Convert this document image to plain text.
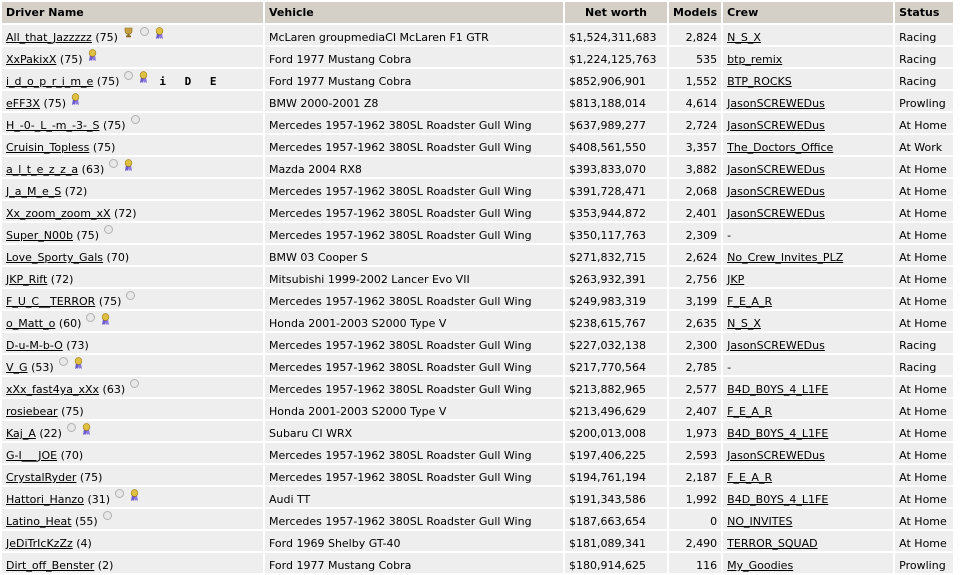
Driver Name	Vehicle	Net worth	Models	Crew	Status
All_that_Jazzzzz (75)	McLaren groupmediaCI McLaren F1 GTR	$1,524,311,683	2,824	N_S_X	Racing
XxPakixX (75)	Ford 1977 Mustang Cobra	$1,224,125,763	535	btp_remix	Racing
i_d_o_p_r_i_m_e (75) i D E	Ford 1977 Mustang Cobra	$852,906,901	1,552	BTP_ROCKS	Racing
eFF3X (75)	BMW 2000-2001 Z8	$813,188,014	4,614	JasonSCREWEDus	Prowling
H_-0-_L_-m_-3-_S (75)	Mercedes 1957-1962 380SL Roadster Gull Wing	$637,989,277	2,724	JasonSCREWEDus	At Home
Cruisin_Topless (75)	Mercedes 1957-1962 380SL Roadster Gull Wing	$408,561,550	3,357	The_Doctors_Office	At Work
a_l_t_e_z_z_a (63)	Mazda 2004 RX8	$393,833,070	3,882	JasonSCREWEDus	At Home
J_a_M_e_S (72)	Mercedes 1957-1962 380SL Roadster Gull Wing	$391,728,471	2,068	JasonSCREWEDus	At Home
Xx_zoom_zoom_xX (72)	Mercedes 1957-1962 380SL Roadster Gull Wing	$353,944,872	2,401	JasonSCREWEDus	At Home
Super_N00b (75)	Mercedes 1957-1962 380SL Roadster Gull Wing	$350,117,763	2,309	-	At Home
Love_Sporty_Gals (70)	BMW 03 Cooper S	$271,832,715	2,624	No_Crew_Invites_PLZ	At Home
JKP_Rift (72)	Mitsubishi 1999-2002 Lancer Evo VII	$263,932,391	2,756	JKP	At Home
F_U_C__TERROR (75)	Mercedes 1957-1962 380SL Roadster Gull Wing	$249,983,319	3,199	F_E_A_R	At Home
o_Matt_o (60)	Honda 2001-2003 S2000 Type V	$238,615,767	2,635	N_S_X	At Home
D-u-M-b-O (73)	Mercedes 1957-1962 380SL Roadster Gull Wing	$227,032,138	2,300	JasonSCREWEDus	Racing
V_G (53)	Mercedes 1957-1962 380SL Roadster Gull Wing	$217,770,564	2,785	-	Racing
xXx_fast4ya_xXx (63)	Mercedes 1957-1962 380SL Roadster Gull Wing	$213,882,965	2,577	B4D_B0YS_4_L1FE	At Home
rosiebear (75)	Honda 2001-2003 S2000 Type V	$213,496,629	2,407	F_E_A_R	At Home
Kaj_A (22)	Subaru CI WRX	$200,013,008	1,973	B4D_B0YS_4_L1FE	At Home
G-I___JOE (70)	Mercedes 1957-1962 380SL Roadster Gull Wing	$197,406,225	2,593	JasonSCREWEDus	At Home
CrystalRyder (75)	Mercedes 1957-1962 380SL Roadster Gull Wing	$194,761,194	2,187	F_E_A_R	At Home
Hattori_Hanzo (31)	Audi TT	$191,343,586	1,992	B4D_B0YS_4_L1FE	At Home
Latino_Heat (55)	Mercedes 1957-1962 380SL Roadster Gull Wing	$187,663,654	0	NO_INVITES	At Home
JeDiTrIcKzZz (4)	Ford 1969 Shelby GT-40	$181,089,341	2,490	TERROR_SQUAD	At Home
Dirt_off_Benster (2)	Ford 1977 Mustang Cobra	$180,914,625	116	My_Goodies	Prowling
